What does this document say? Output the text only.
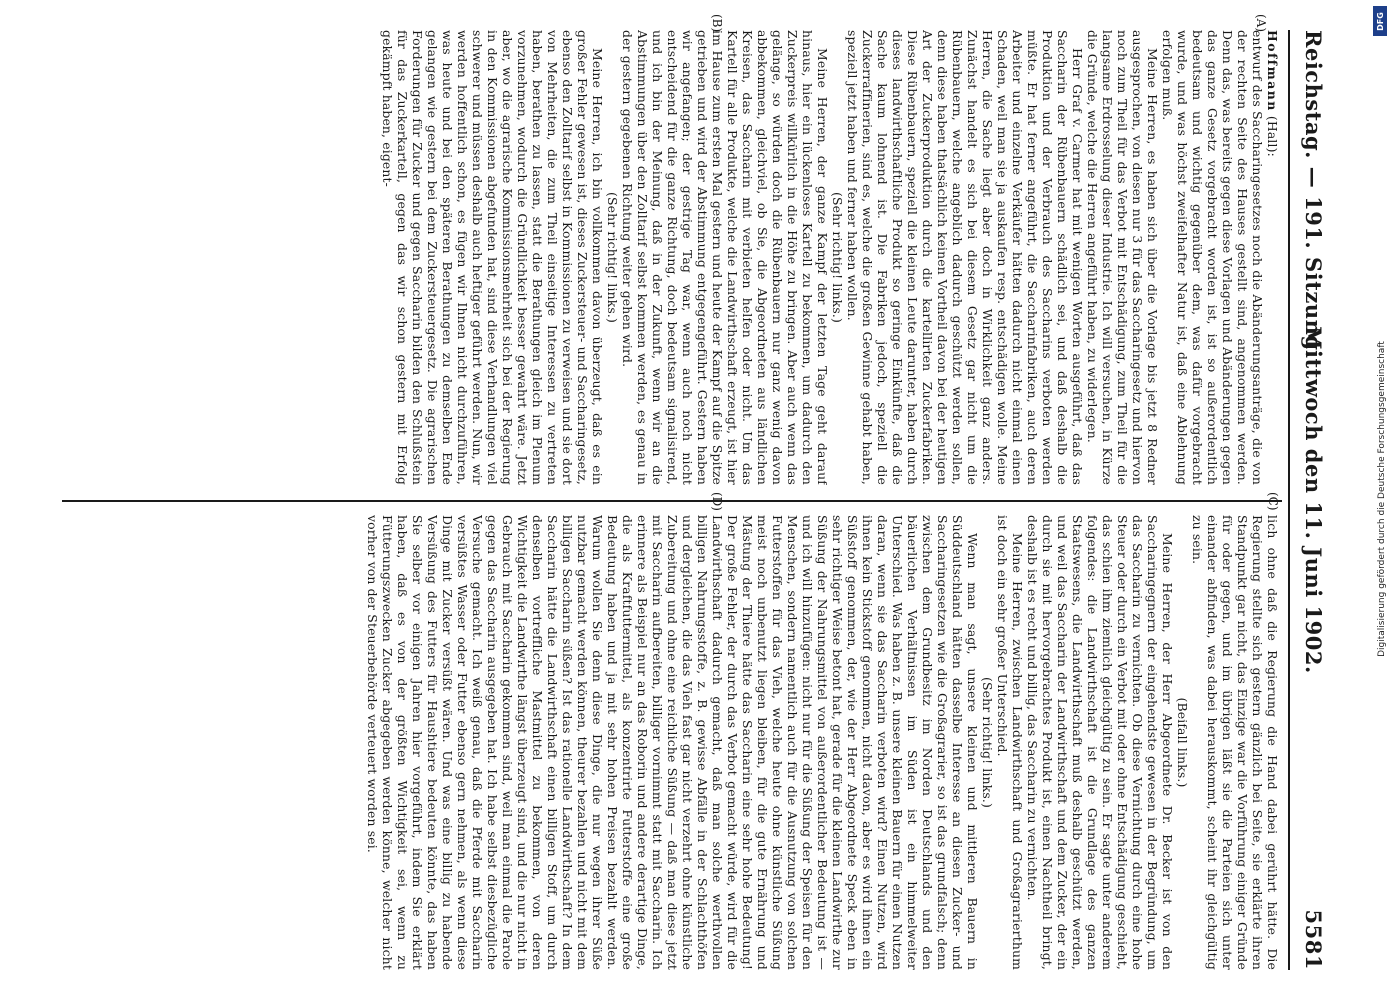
Reichstag. — 191. Sitzung.
Mittwoch den 11. Juni 1902.
5581
(A)
(B)
(C)
(D)

Hoffmann (Hall):

entwurf des Saccharingesetzes noch die Abänderungsanträge, die von der rechten Seite des Hauses gestellt sind, angenommen werden. Denn das, was bereits gegen diese Vorlagen und Abänderungen gegen das ganze Gesetz vorgebracht worden ist, ist so außerordentlich bedeutsam und wichtig gegenüber dem, was dafür vorgebracht wurde, und was höchst zweifelhafter Natur ist, daß eine Ablehnung erfolgen muß.

Meine Herren, es haben sich über die Vorlage bis jetzt 8 Redner ausgesprochen, von diesen nur 3 für das Saccharingesetz und hiervon noch zum Theil für das Verbot mit Entschädigung, zum Theil für die langsame Erdrosselung dieser Industrie. Ich will versuchen, in Kürze die Gründe, welche die Herren angeführt haben, zu widerlegen.

Herr Graf v. Carmer hat mit wenigen Worten ausgeführt, daß das Saccharin der Rübenbauern schädlich sei, und daß deshalb die Produktion und der Verbrauch des Saccharins verboten werden müßte. Er hat ferner angeführt, die Saccharinfabriken, auch deren Arbeiter und einzelne Verkäufer hätten dadurch nicht einmal einen Schaden, weil man sie ja auskaufen resp. entschädigen wolle. Meine Herren, die Sache liegt aber doch in Wirklichkeit ganz anders. Zunächst handelt es sich bei diesem Gesetz gar nicht um die Rübenbauern, welche angeblich dadurch geschützt werden sollen, denn diese haben thatsächlich keinen Vortheil davon bei der heutigen Art der Zuckerproduktion durch die kartellirten Zuckerfabriken. Diese Rübenbauern, speziell die kleinen Leute darunter, haben durch dieses landwirthschaftliche Produkt so geringe Einkünfte, daß die Sache kaum lohnend ist. Die Fabriken jedoch, speziell die Zuckerraffinerien, sind es, welche die großen Gewinne gehabt haben, speziell jetzt haben und ferner haben wollen.

(Sehr richtig! links.)

Meine Herren, der ganze Kampf der letzten Tage geht darauf hinaus, hier ein lückenloses Kartell zu bekommen, um dadurch den Zuckerpreis willkürlich in die Höhe zu bringen. Aber auch wenn das gelänge, so würden doch die Rübenbauern nur ganz wenig davon abbekommen, gleichviel, ob Sie, die Abgeordneten aus ländlichen Kreisen, das Saccharin mit verbieten helfen oder nicht. Um das Kartell für alle Produkte, welche die Landwirthschaft erzeugt, ist hier im Hause zum ersten Mal gestern und heute der Kampf auf die Spitze getrieben und wird der Abstimmung entgegengeführt. Gestern haben wir angefangen; der gestrige Tag war, wenn auch noch nicht entscheidend für die ganze Richtung, doch bedeutsam signalisirend, und ich bin der Meinung, daß in der Zukunft, wenn wir an die Abstimmungen über den Zolltarif selbst kommen werden, es genau in der gestern gegebenen Richtung weiter gehen wird.

(Sehr richtig! links.)

Meine Herren, ich bin vollkommen davon überzeugt, daß es ein großer Fehler gewesen ist, dieses Zuckersteuer- und Saccharingesetz, ebenso den Zolltarif selbst in Kommissionen zu verweisen und sie dort von Mehrheiten, die zum Theil einseitige Interessen zu vertreten haben, berathen zu lassen, statt die Berathungen gleich im Plenum vorzunehmen, wodurch die Gründlichkeit besser gewahrt wäre. Jetzt aber, wo die agrarische Kommissionsmehrheit sich bei der Regierung in den Kommissionen abgefunden hat, sind diese Verhandlungen viel schwerer und müssen deshalb auch heftiger geführt werden. Nun, wir werden hoffentlich schon, es fügen wir Ihnen nicht durchzuführen, was heute und bei den späteren Berathungen zu demselben Ende gelangen wie gestern bei dem Zuckersteuergesetz. Die agrarischen Forderungen für Zucker und gegen Saccharin bilden den Schlußstein für das Zuckerkartell, gegen das wir schon gestern mit Erfolg gekämpft haben, eigent-

lich ohne daß die Regierung die Hand dabei gerührt hätte. Die Regierung stellte sich gestern gänzlich bei Seite, sie erklärte ihren Standpunkt gar nicht, das Einzige war die Vorführung einiger Gründe für oder gegen, und im übrigen läßt sie die Parteien sich unter einander abfinden, was dabei herauskommt, scheint ihr gleichgültig zu sein.

(Beifall links.)

Meine Herren, der Herr Abgeordnete Dr. Becker ist von den Saccharingegnern der eingehendste gewesen in der Begründung, um das Saccharin zu vernichten. Ob diese Vernichtung durch eine hohe Steuer oder durch ein Verbot mit oder ohne Entschädigung geschieht, das schien ihm ziemlich gleichgültig zu sein. Er sagte unter anderem folgendes: die Landwirthschaft ist die Grundlage des ganzen Staatswesens, die Landwirthschaft muß deshalb geschützt werden, und weil das Saccharin der Landwirthschaft und dem Zucker, der ein durch sie mit hervorgebrachtes Produkt ist, einen Nachtheil bringt, deshalb ist es recht und billig, das Saccharin zu vernichten.

Meine Herren, zwischen Landwirthschaft und Großagrarierthum ist doch ein sehr großer Unterschied.

(Sehr richtig! links.)

Wenn man sagt, unsere kleinen und mittleren Bauern in Süddeutschland hätten dasselbe Interesse an diesen Zucker- und Saccharingesetzen wie die Großagrarier, so ist das grundfalsch; denn zwischen dem Grundbesitz im Norden Deutschlands und den bäuerlichen Verhältnissen im Süden ist ein himmelweiter Unterschied. Was haben z. B. unsere kleinen Bauern für einen Nutzen daran, wenn sie das Saccharin verboten wird? Einen Nutzen, wird ihnen kein Stickstoff genommen, nicht davon, aber es wird ihnen ein Süßstoff genommen, der, wie der Herr Abgeordnete Speck eben in sehr richtiger Weise betont hat, gerade für die kleinen Landwirthe zur Süßung der Nahrungsmittel von außerordentlicher Bedeutung ist — und ich will hinzufügen: nicht nur für die Süßung der Speisen für den Menschen, sondern namentlich auch für die Ausnutzung von solchen Futterstoffen für das Vieh, welche heute ohne künstliche Süßung meist noch unbenutzt liegen bleiben, für die gute Ernährung und Mästung der Thiere hätte das Saccharin eine sehr hohe Bedeutung! Der große Fehler, der durch das Verbot gemacht würde, wird für die Landwirthschaft dadurch gemacht, daß man solche werthvollen billigen Nahrungsstoffe, z. B. gewisse Abfälle in der Schlachthöfen und dergleichen, die das Vieh fast gar nicht verzehrt ohne künstliche Zubereitung und ohne eine reichliche Süßung — daß man diese jetzt mit Saccharin aufbereiten, billiger vornimmt statt mit Saccharin. Ich erinnere als Beispiel nur an das Roborin und andere derartige Dinge, die als Kraftfuttermittel, als konzentrirte Futterstoffe eine große Bedeutung haben und ja mit sehr hohen Preisen bezahlt werden. Warum wollen Sie denn diese Dinge, die nur wegen ihrer Süße nutzbar gemacht werden können, theurer bezahlen und nicht mit dem billigen Saccharin süßen? Ist das rationelle Landwirthschaft? In dem Saccharin hätte die Landwirthschaft einen billigen Stoff, um durch denselben vortreffliche Mastmittel zu bekommen, von deren Wichtigkeit die Landwirthe längst überzeugt sind, und die nur nicht in Gebrauch mit Saccharin gekommen sind, weil man einmal die Parole gegen das Saccharin ausgegeben hat. Ich habe selbst diesbezügliche Versuche gemacht. Ich weiß genau, daß die Pferde mit Saccharin versüßtes Wasser oder Futter ebenso gern nehmen, als wenn diese Dinge mit Zucker versüßt wären. Und was eine billig zu habende Versüßung des Futters für Haushtiere bedeuten könnte, das haben Sie selber vor einigen Jahren hier vorgeführt, indem Sie erklärt haben, daß es von der größten Wichtigkeit sei, wenn zu Fütterungszwecken Zucker abgegeben werden könne, welcher nicht vorher von der Steuerbehörde verteuert worden sei.

DFG
Digitalisierung gefördert durch die Deutsche Forschungsgemeinschaft
